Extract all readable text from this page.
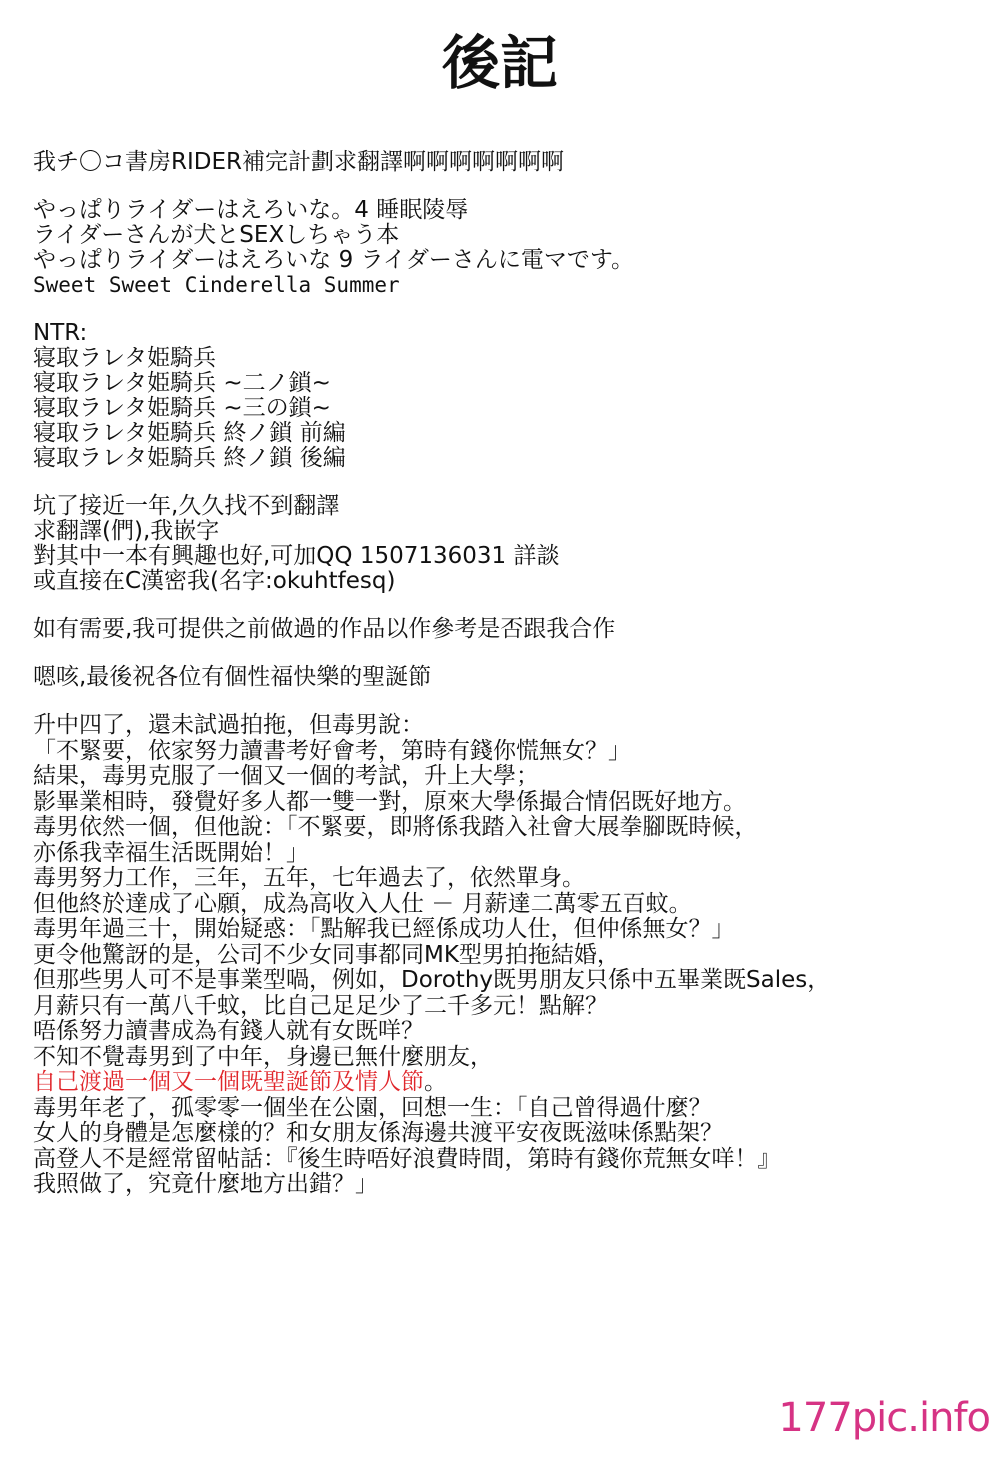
後記
我チ〇コ書房RIDER補完計劃求翻譯啊啊啊啊啊啊啊
やっぱりライダーはえろいな。4 睡眠陵辱
ライダーさんが犬とSEXしちゃう本
やっぱりライダーはえろいな 9 ライダーさんに電マです。
Sweet Sweet Cinderella Summer
NTR:
寝取ラレタ姫騎兵
寝取ラレタ姫騎兵 ~二ノ鎖~
寝取ラレタ姫騎兵 ~三の鎖~
寝取ラレタ姫騎兵 終ノ鎖 前編
寝取ラレタ姫騎兵 終ノ鎖 後編
坑了接近一年,久久找不到翻譯
求翻譯(們),我嵌字
對其中一本有興趣也好,可加QQ 1507136031 詳談
或直接在C漢密我(名字:okuhtfesq)
如有需要,我可提供之前做過的作品以作參考是否跟我合作
嗯咳,最後祝各位有個性福快樂的聖誕節
升中四了，還未試過拍拖，但毒男說：
「不緊要，依家努力讀書考好會考，第時有錢你慌無女？」
結果，毒男克服了一個又一個的考試，升上大學；
影畢業相時，發覺好多人都一雙一對，原來大學係撮合情侶既好地方。
毒男依然一個，但他說：「不緊要，即將係我踏入社會大展拳腳既時候，
亦係我幸福生活既開始！」
毒男努力工作，三年，五年，七年過去了，依然單身。
但他終於達成了心願，成為高收入人仕 － 月薪達二萬零五百蚊。
毒男年過三十，開始疑惑：「點解我已經係成功人仕，但仲係無女？」
更令他驚訝的是，公司不少女同事都同MK型男拍拖結婚，
但那些男人可不是事業型喎，例如，Dorothy既男朋友只係中五畢業既Sales，
月薪只有一萬八千蚊，比自己足足少了二千多元！點解？
唔係努力讀書成為有錢人就有女既咩？
不知不覺毒男到了中年，身邊已無什麼朋友，
自己渡過一個又一個既聖誕節及情人節。
毒男年老了，孤零零一個坐在公園，回想一生：「自己曾得過什麼？
女人的身體是怎麼樣的？和女朋友係海邊共渡平安夜既滋味係點架？
高登人不是經常留帖話：『後生時唔好浪費時間，第時有錢你荒無女咩！』
我照做了，究竟什麼地方出錯？」
177pic.info
